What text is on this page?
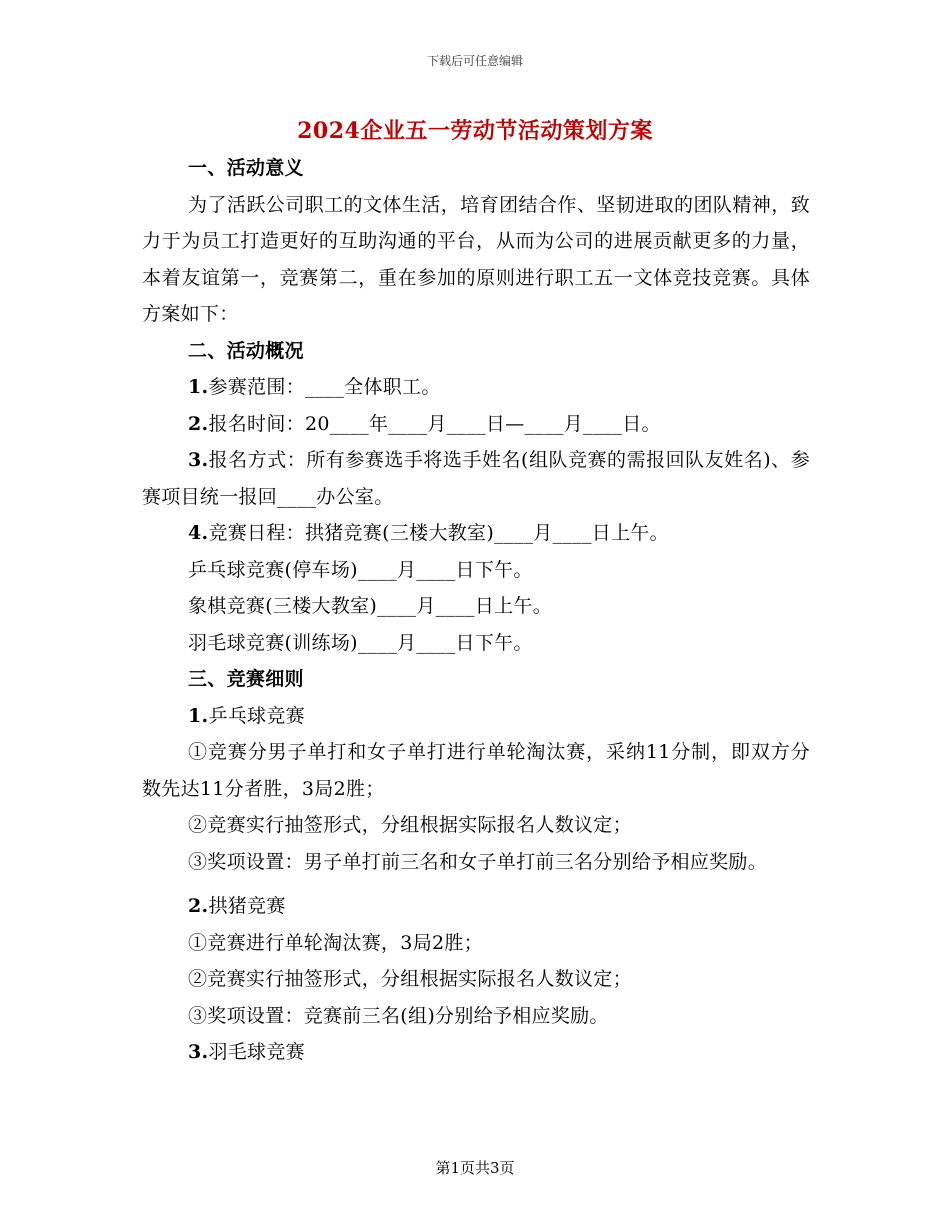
下载后可任意编辑
2024企业五一劳动节活动策划方案
一、活动意义
为了活跃公司职工的文体生活，培育团结合作、坚韧进取的团队精神，致力于为员工打造更好的互助沟通的平台，从而为公司的进展贡献更多的力量，本着友谊第一，竞赛第二，重在参加的原则进行职工五一文体竞技竞赛。具体方案如下：
二、活动概况
1.参赛范围：____全体职工。
2.报名时间：20____年____月____日—____月____日。
3.报名方式：所有参赛选手将选手姓名(组队竞赛的需报回队友姓名)、参赛项目统一报回____办公室。
4.竞赛日程：拱猪竞赛(三楼大教室)____月____日上午。
乒乓球竞赛(停车场)____月____日下午。
象棋竞赛(三楼大教室)____月____日上午。
羽毛球竞赛(训练场)____月____日下午。
三、竞赛细则
1.乒乓球竞赛
①竞赛分男子单打和女子单打进行单轮淘汰赛，采纳11分制，即双方分数先达11分者胜，3局2胜；
②竞赛实行抽签形式，分组根据实际报名人数议定；
③奖项设置：男子单打前三名和女子单打前三名分别给予相应奖励。
2.拱猪竞赛
①竞赛进行单轮淘汰赛，3局2胜；
②竞赛实行抽签形式，分组根据实际报名人数议定；
③奖项设置：竞赛前三名(组)分别给予相应奖励。
3.羽毛球竞赛
第1页共3页
